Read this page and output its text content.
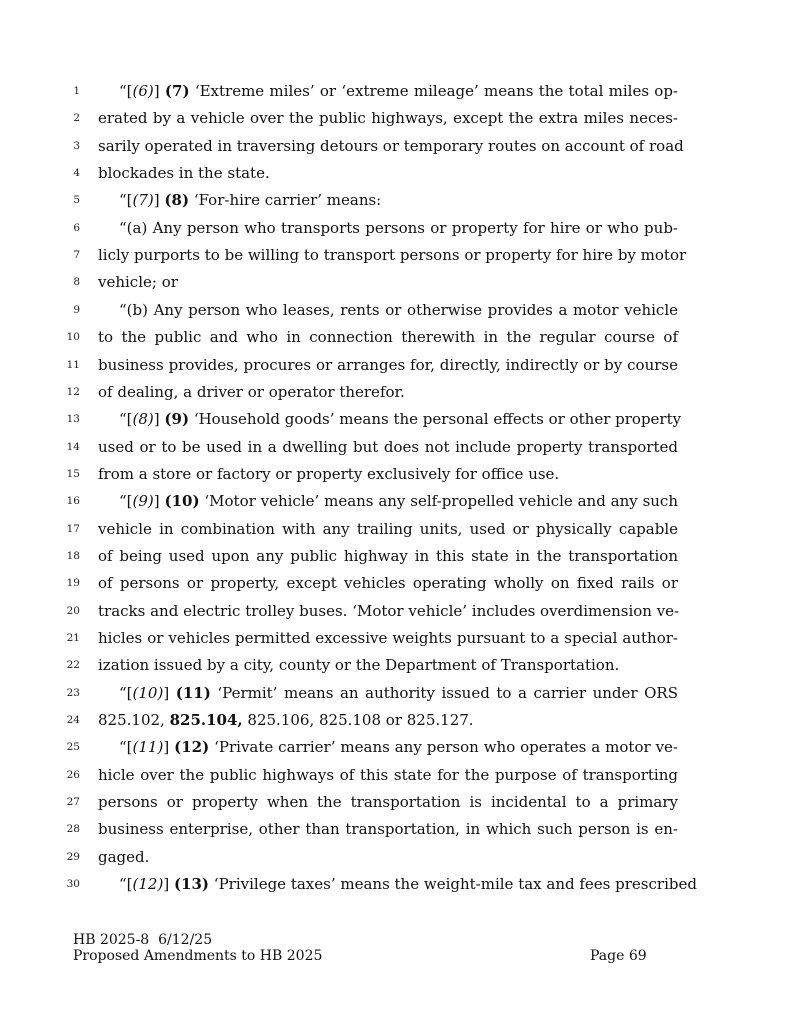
1	“[(6)] (7) ‘Extreme miles’ or ‘extreme mileage’ means the total miles op-
2 erated by a vehicle over the public highways, except the extra miles neces-
3 sarily operated in traversing detours or temporary routes on account of road
4 blockades in the state.
5	“[(7)] (8) ‘For-hire carrier’ means:
6	“(a) Any person who transports persons or property for hire or who pub-
7 licly purports to be willing to transport persons or property for hire by motor
8 vehicle; or
9	“(b) Any person who leases, rents or otherwise provides a motor vehicle
10 to the public and who in connection therewith in the regular course of
11 business provides, procures or arranges for, directly, indirectly or by course
12 of dealing, a driver or operator therefor.
13	“[(8)] (9) ‘Household goods’ means the personal effects or other property
14 used or to be used in a dwelling but does not include property transported
15 from a store or factory or property exclusively for office use.
16	“[(9)] (10) ‘Motor vehicle’ means any self-propelled vehicle and any such
17 vehicle in combination with any trailing units, used or physically capable
18 of being used upon any public highway in this state in the transportation
19 of persons or property, except vehicles operating wholly on fixed rails or
20 tracks and electric trolley buses. ‘Motor vehicle’ includes overdimension ve-
21 hicles or vehicles permitted excessive weights pursuant to a special author-
22 ization issued by a city, county or the Department of Transportation.
23	“[(10)] (11) ‘Permit’ means an authority issued to a carrier under ORS
24 825.102, 825.104, 825.106, 825.108 or 825.127.
25	“[(11)] (12) ‘Private carrier’ means any person who operates a motor ve-
26 hicle over the public highways of this state for the purpose of transporting
27 persons or property when the transportation is incidental to a primary
28 business enterprise, other than transportation, in which such person is en-
29 gaged.
30	“[(12)] (13) ‘Privilege taxes’ means the weight-mile tax and fees prescribed
HB 2025-8 6/12/25
Proposed Amendments to HB 2025	Page 69
